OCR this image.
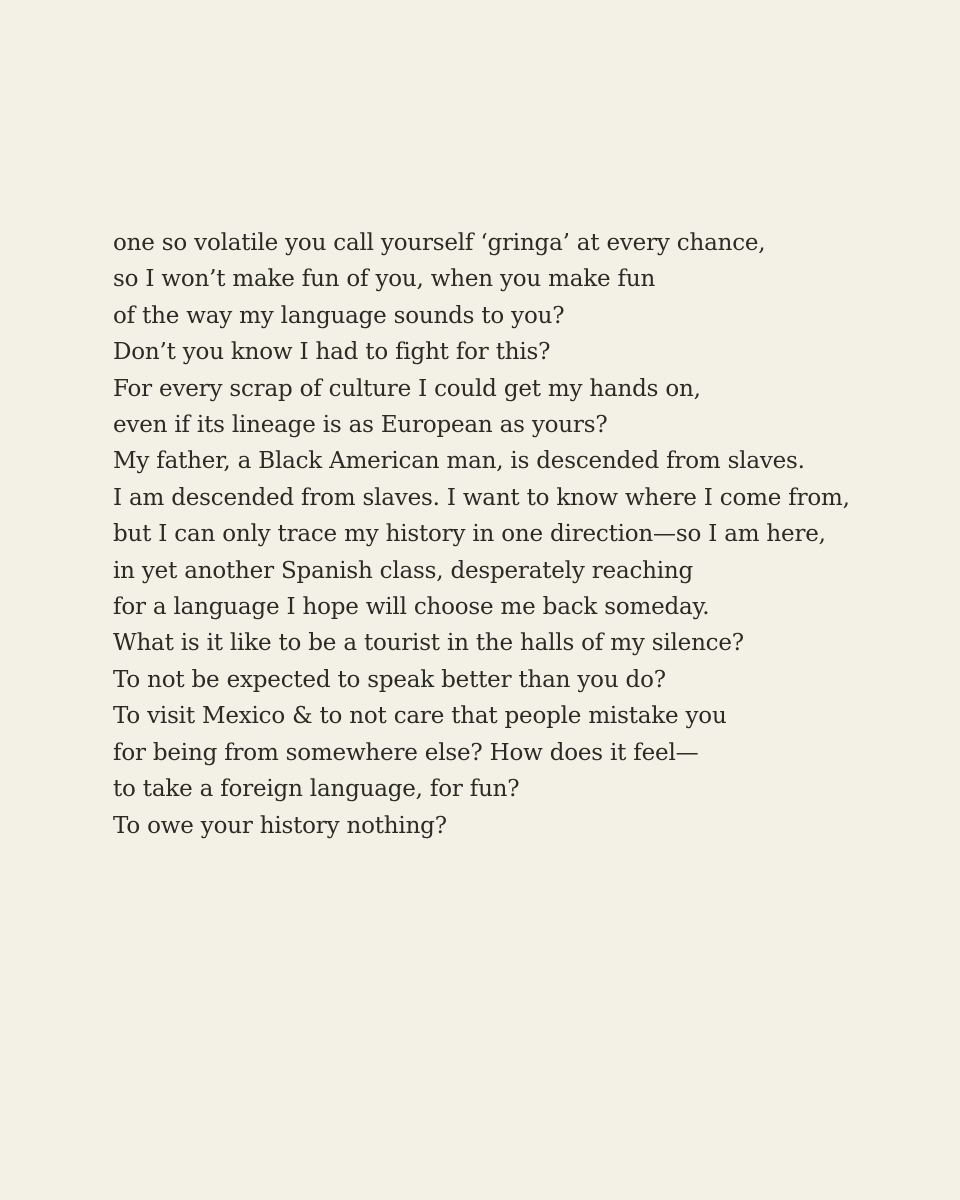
one so volatile you call yourself ‘gringa’ at every chance,
so I won’t make fun of you, when you make fun
of the way my language sounds to you?
Don’t you know I had to fight for this?
For every scrap of culture I could get my hands on,
even if its lineage is as European as yours?
My father, a Black American man, is descended from slaves.
I am descended from slaves. I want to know where I come from,
but I can only trace my history in one direction—so I am here,
in yet another Spanish class, desperately reaching
for a language I hope will choose me back someday.
What is it like to be a tourist in the halls of my silence?
To not be expected to speak better than you do?
To visit Mexico & to not care that people mistake you
for being from somewhere else? How does it feel—
to take a foreign language, for fun?
To owe your history nothing?
